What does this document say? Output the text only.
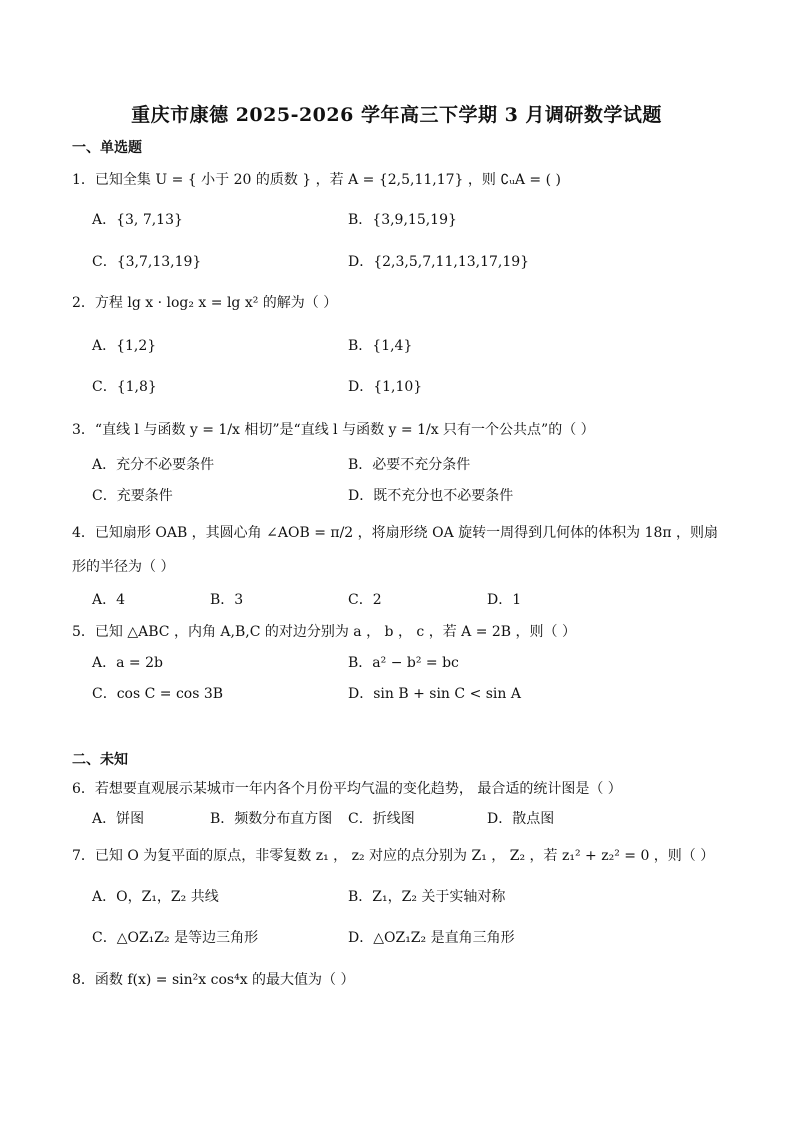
重庆市康德 2025-2026 学年高三下学期 3 月调研数学试题
一、单选题
二、未知
1．已知全集 U = { 小于 20 的质数 } ，若 A = {2,5,11,17} ，则 ∁ᵤA = ( )
A．{3, 7,13}	B．{3,9,15,19}
C．{3,7,13,19}	D．{2,3,5,7,11,13,17,19}
2．方程 lg x · log₂ x = lg x² 的解为（ ）
A．{1,2}	B．{1,4}
C．{1,8}	D．{1,10}
3．“直线 l 与函数 y = 1/x 相切”是“直线 l 与函数 y = 1/x 只有一个公共点”的（ ）
A．充分不必要条件	B．必要不充分条件
C．充要条件	D．既不充分也不必要条件
4．已知扇形 OAB ，其圆心角 ∠AOB = π/2 ，将扇形绕 OA 旋转一周得到几何体的体积为 18π ，则扇
形的半径为（ ）
A．4	B．3	C．2	D．1
5．已知 △ABC ，内角 A,B,C 的对边分别为 a ， b ， c ，若 A = 2B ，则（ ）
A．a = 2b	B．a² − b² = bc
C．cos C = cos 3B	D．sin B + sin C < sin A
6．若想要直观展示某城市一年内各个月份平均气温的变化趋势， 最合适的统计图是（ ）
A．饼图	B．频数分布直方图 C．折线图	D．散点图
7．已知 O 为复平面的原点，非零复数 z₁ ， z₂ 对应的点分别为 Z₁ ， Z₂ ，若 z₁² + z₂² = 0 ，则（ ）
A．O，Z₁，Z₂ 共线	B．Z₁，Z₂ 关于实轴对称
C．△OZ₁Z₂ 是等边三角形	D．△OZ₁Z₂ 是直角三角形
8．函数 f(x) = sin²x cos⁴x 的最大值为（ ）
